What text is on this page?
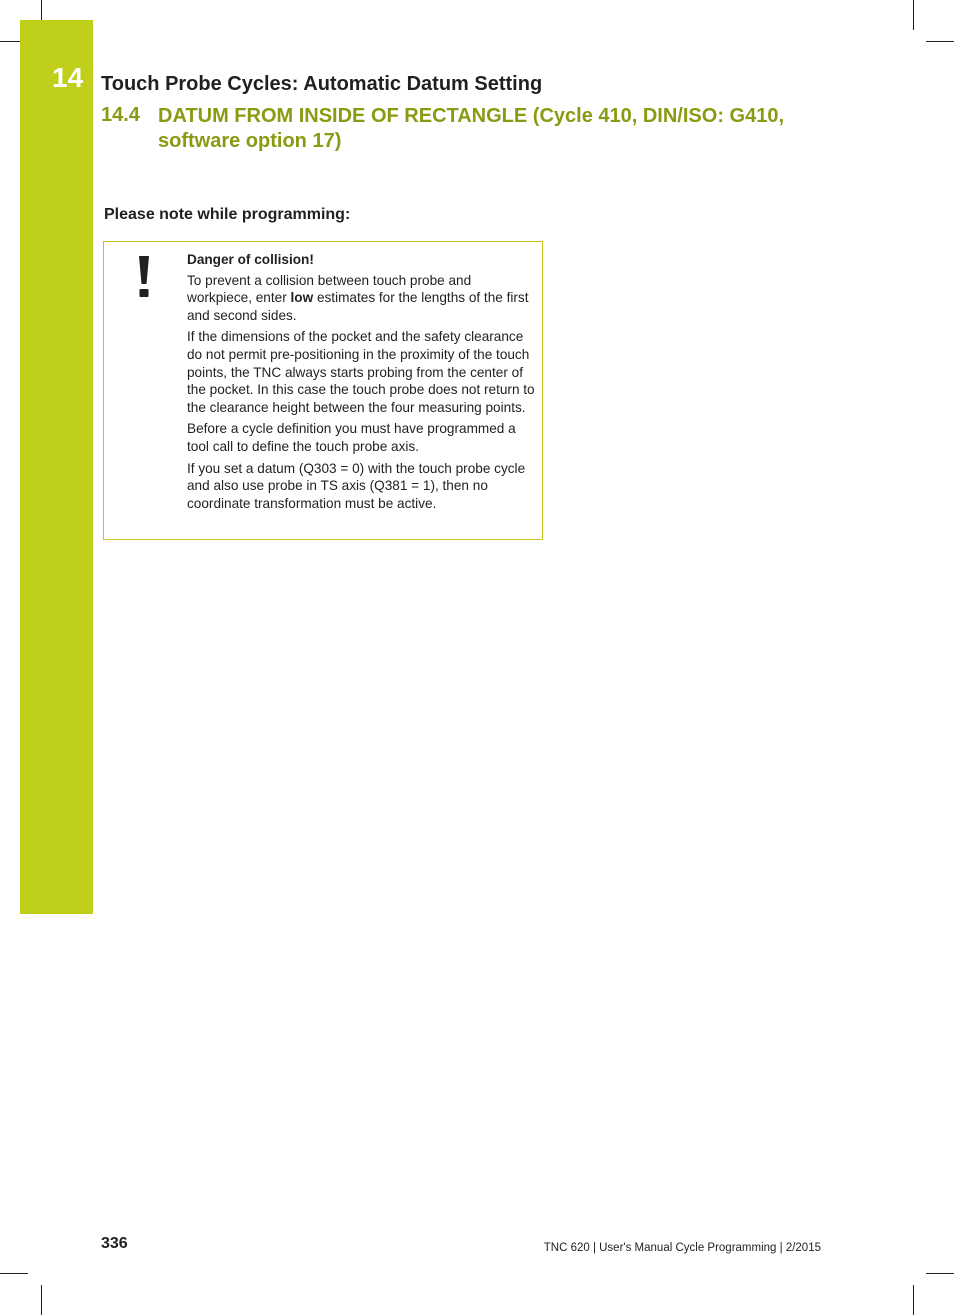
14 Touch Probe Cycles: Automatic Datum Setting
14.4 DATUM FROM INSIDE OF RECTANGLE (Cycle 410, DIN/ISO: G410, software option 17)
Please note while programming:

Danger of collision!

To prevent a collision between touch probe and workpiece, enter low estimates for the lengths of the first and second sides.

If the dimensions of the pocket and the safety clearance do not permit pre-positioning in the proximity of the touch points, the TNC always starts probing from the center of the pocket. In this case the touch probe does not return to the clearance height between the four measuring points.

Before a cycle definition you must have programmed a tool call to define the touch probe axis.

If you set a datum (Q303 = 0) with the touch probe cycle and also use probe in TS axis (Q381 = 1), then no coordinate transformation must be active.

336	TNC 620 | User's Manual Cycle Programming | 2/2015
